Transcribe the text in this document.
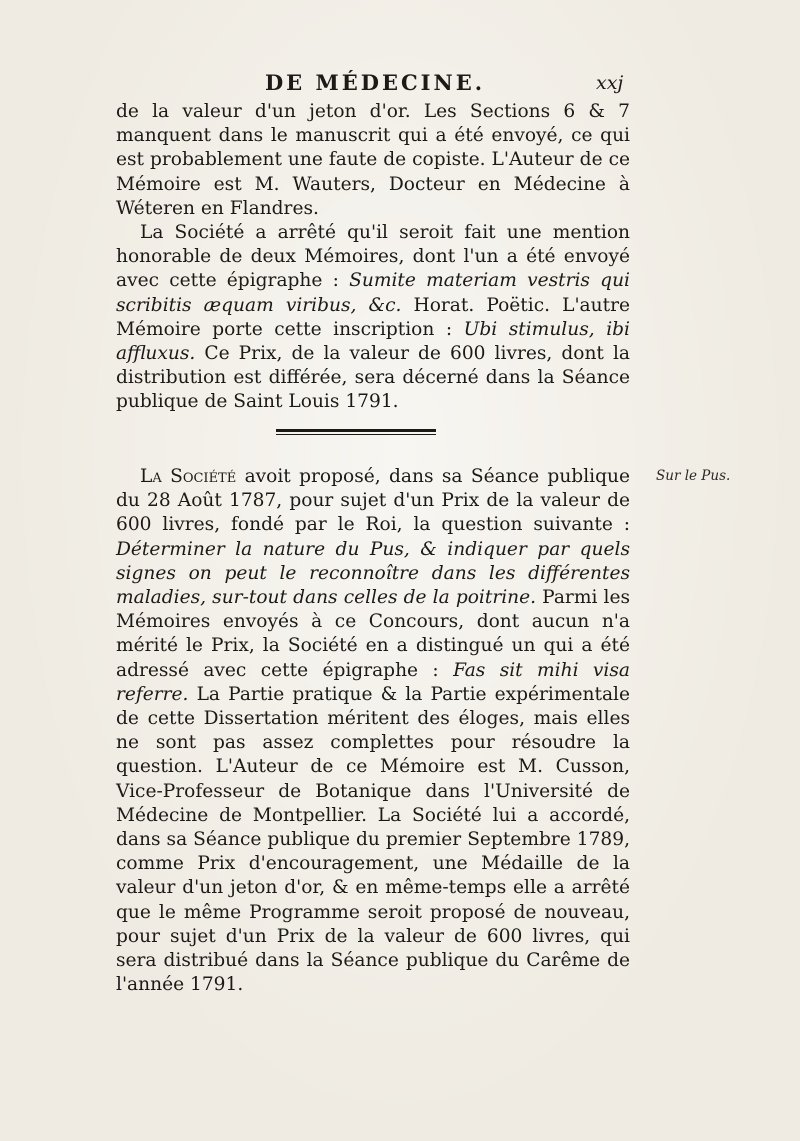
DE MÉDECINE.	xxj

de la valeur d'un jeton d'or. Les Sections 6 & 7 manquent dans le manuscrit qui a été envoyé, ce qui est probablement une faute de copiste. L'Auteur de ce Mémoire est M. Wauters, Docteur en Médecine à Wéteren en Flandres.

La Société a arrêté qu'il seroit fait une mention honorable de deux Mémoires, dont l'un a été envoyé avec cette épigraphe : Sumite materiam vestris qui scribitis æquam viribus, &c. Horat. Poëtic. L'autre Mémoire porte cette inscription : Ubi stimulus, ibi affluxus. Ce Prix, de la valeur de 600 livres, dont la distribution est différée, sera décerné dans la Séance publique de Saint Louis 1791.

La Société avoit proposé, dans sa Séance publique du 28 Août 1787, pour sujet d'un Prix de la valeur de 600 livres, fondé par le Roi, la question suivante : Déterminer la nature du Pus, & indiquer par quels signes on peut le reconnoître dans les différentes maladies, sur-tout dans celles de la poitrine. Parmi les Mémoires envoyés à ce Concours, dont aucun n'a mérité le Prix, la Société en a distingué un qui a été adressé avec cette épigraphe : Fas sit mihi visa referre. La Partie pratique & la Partie expérimentale de cette Dissertation méritent des éloges, mais elles ne sont pas assez complettes pour résoudre la question. L'Auteur de ce Mémoire est M. Cusson, Vice-Professeur de Botanique dans l'Université de Médecine de Montpellier. La Société lui a accordé, dans sa Séance publique du premier Septembre 1789, comme Prix d'encouragement, une Médaille de la valeur d'un jeton d'or, & en même-temps elle a arrêté que le même Programme seroit proposé de nouveau, pour sujet d'un Prix de la valeur de 600 livres, qui sera distribué dans la Séance publique du Carême de l'année 1791.

Sur le Pus.
